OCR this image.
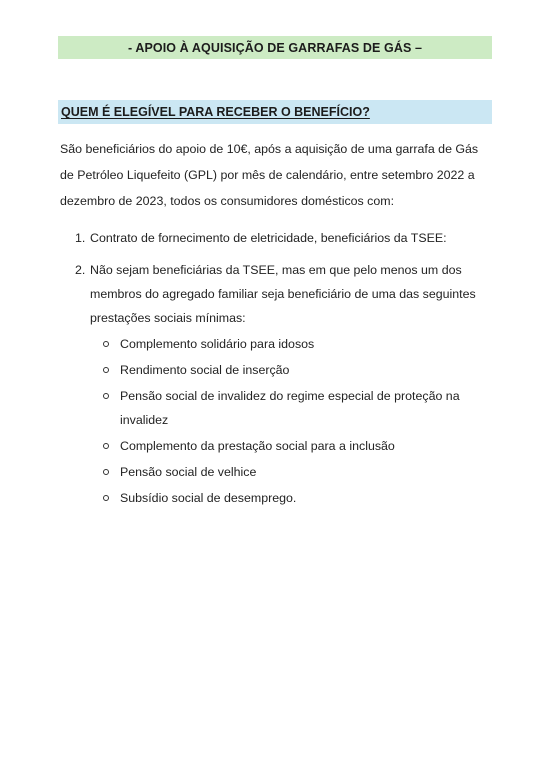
- APOIO À AQUISIÇÃO DE GARRAFAS DE GÁS –
QUEM É ELEGÍVEL PARA RECEBER O BENEFÍCIO?

São beneficiários do apoio de 10€, após a aquisição de uma garrafa de Gás de Petróleo Liquefeito (GPL) por mês de calendário, entre setembro 2022 a dezembro de 2023, todos os consumidores domésticos com:

1. Contrato de fornecimento de eletricidade, beneficiários da TSEE:
2. Não sejam beneficiárias da TSEE, mas em que pelo menos um dos membros do agregado familiar seja beneficiário de uma das seguintes prestações sociais mínimas:
Complemento solidário para idosos
Rendimento social de inserção
Pensão social de invalidez do regime especial de proteção na invalidez
Complemento da prestação social para a inclusão
Pensão social de velhice
Subsídio social de desemprego.
